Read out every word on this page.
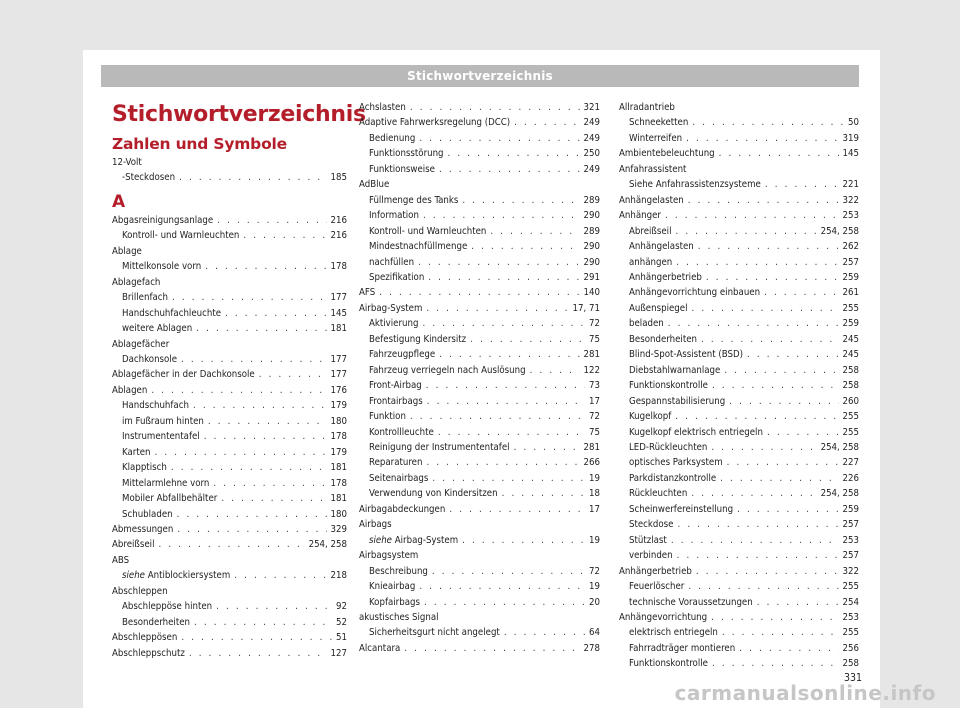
Stichwortverzeichnis
Stichwortverzeichnis
Zahlen und Symbole
12-Volt
-Steckdosen . . .	185
A
Abgasreinigungsanlage . . .	216
Kontroll- und Warnleuchten . . .	216
Ablage
Mittelkonsole vorn . . .	178
Ablagefach
Brillenfach . . .	177
Handschuhfachleuchte . . .	145
weitere Ablagen . . .	181
Ablagefächer
Dachkonsole . . .	177
Ablagefächer in der Dachkonsole . . .	177
Ablagen . . .	176
Handschuhfach . . .	179
im Fußraum hinten . . .	180
Instrumententafel . . .	178
Karten . . .	179
Klapptisch . . .	181
Mittelarmlehne vorn . . .	178
Mobiler Abfallbehälter . . .	181
Schubladen . . .	180
Abmessungen . . .	329
Abreißseil . . .	254, 258
ABS
siehe Antiblockiersystem . . .	218
Abschleppen
Abschleppöse hinten . . .	92
Besonderheiten . . .	52
Abschleppösen . . .	51
Abschleppschutz . . .	127
Achslasten . . .	321
Adaptive Fahrwerksregelung (DCC) . . .	249
Bedienung . . .	249
Funktionsstörung . . .	250
Funktionsweise . . .	249
AdBlue
Füllmenge des Tanks . . .	289
Information . . .	290
Kontroll- und Warnleuchten . . .	289
Mindestnachfüllmenge . . .	290
nachfüllen . . .	290
Spezifikation . . .	291
AFS . . .	140
Airbag-System . . .	17, 71
Aktivierung . . .	72
Befestigung Kindersitz . . .	75
Fahrzeugpflege . . .	281
Fahrzeug verriegeln nach Auslösung . . .	122
Front-Airbag . . .	73
Frontairbags . . .	17
Funktion . . .	72
Kontrollleuchte . . .	75
Reinigung der Instrumententafel . . .	281
Reparaturen . . .	266
Seitenairbags . . .	19
Verwendung von Kindersitzen . . .	18
Airbagabdeckungen . . .	17
Airbags
siehe Airbag-System . . .	19
Airbagsystem
Beschreibung . . .	72
Knieairbag . . .	19
Kopfairbags . . .	20
akustisches Signal
Sicherheitsgurt nicht angelegt . . .	64
Alcantara . . .	278
Allradantrieb
Schneeketten . . .	50
Winterreifen . . .	319
Ambientebeleuchtung . . .	145
Anfahrassistent
Siehe Anfahrassistenzsysteme . . .	221
Anhängelasten . . .	322
Anhänger . . .	253
Abreißseil . . .	254, 258
Anhängelasten . . .	262
anhängen . . .	257
Anhängerbetrieb . . .	259
Anhängevorrichtung einbauen . . .	261
Außenspiegel . . .	255
beladen . . .	259
Besonderheiten . . .	245
Blind-Spot-Assistent (BSD) . . .	245
Diebstahlwarnanlage . . .	258
Funktionskontrolle . . .	258
Gespannstabilisierung . . .	260
Kugelkopf . . .	255
Kugelkopf elektrisch entriegeln . . .	255
LED-Rückleuchten . . .	254, 258
optisches Parksystem . . .	227
Parkdistanzkontrolle . . .	226
Rückleuchten . . .	254, 258
Scheinwerfereinstellung . . .	259
Steckdose . . .	257
Stützlast . . .	253
verbinden . . .	257
Anhängerbetrieb . . .	322
Feuerlöscher . . .	255
technische Voraussetzungen . . .	254
Anhängevorrichtung . . .	253
elektrisch entriegeln . . .	255
Fahrradträger montieren . . .	256
Funktionskontrolle . . .	258
331
carmanualsonline.info
